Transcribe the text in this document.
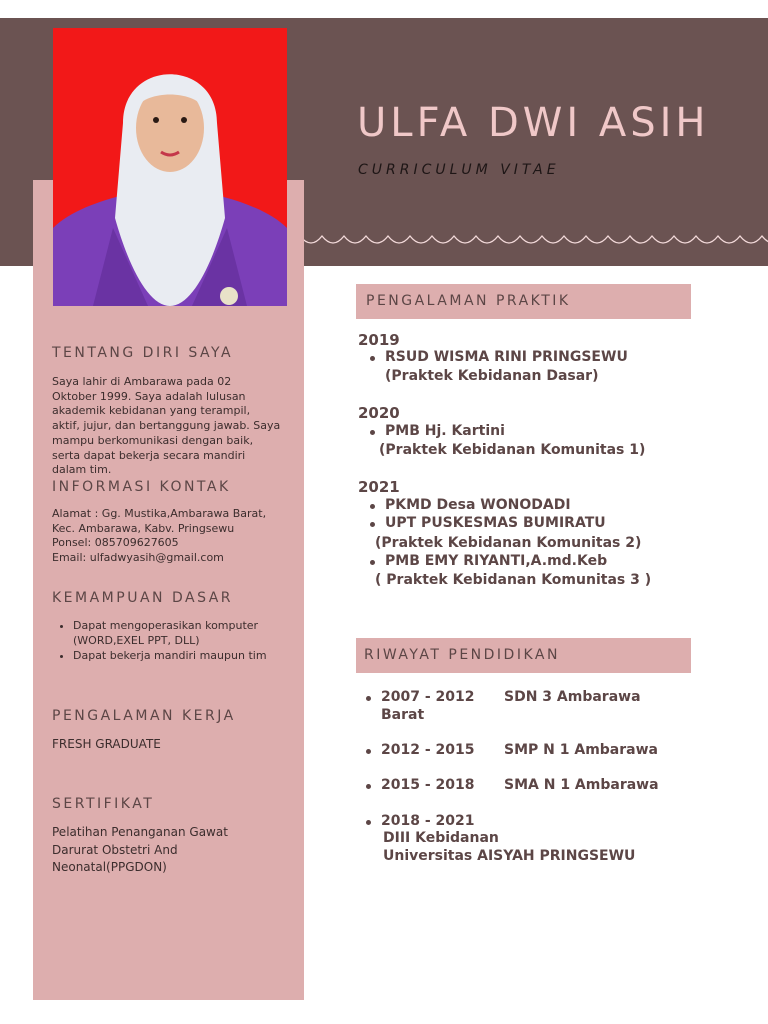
ULFA DWI ASIH
CURRICULUM VITAE
TENTANG DIRI SAYA
Saya lahir di Ambarawa pada 02
Oktober 1999. Saya adalah lulusan
akademik kebidanan yang terampil,
aktif, jujur, dan bertanggung jawab. Saya
mampu berkomunikasi dengan baik,
serta dapat bekerja secara mandiri
dalam tim.
INFORMASI KONTAK
Alamat : Gg. Mustika,Ambarawa Barat,
Kec. Ambarawa, Kabv. Pringsewu
Ponsel: 085709627605
Email: ulfadwyasih@gmail.com
KEMAMPUAN DASAR
• Dapat mengoperasikan komputer (WORD,EXEL PPT, DLL)
• Dapat bekerja mandiri maupun tim
PENGALAMAN KERJA
FRESH GRADUATE
SERTIFIKAT
Pelatihan Penanganan Gawat
Darurat Obstetri And
Neonatal(PPGDON)
PENGALAMAN PRAKTIK
2019
RSUD WISMA RINI PRINGSEWU
(Praktek Kebidanan Dasar)
2020
PMB Hj. Kartini
(Praktek Kebidanan Komunitas 1)
2021
PKMD Desa WONODADI
UPT PUSKESMAS BUMIRATU
(Praktek Kebidanan Komunitas 2)
PMB EMY RIYANTI,A.md.Keb
( Praktek Kebidanan Komunitas 3 )
RIWAYAT PENDIDIKAN
2007 - 2012 SDN 3 Ambarawa
Barat
2012 - 2015 SMP N 1 Ambarawa
2015 - 2018 SMA N 1 Ambarawa
2018 - 2021
DIII Kebidanan
Universitas AISYAH PRINGSEWU
